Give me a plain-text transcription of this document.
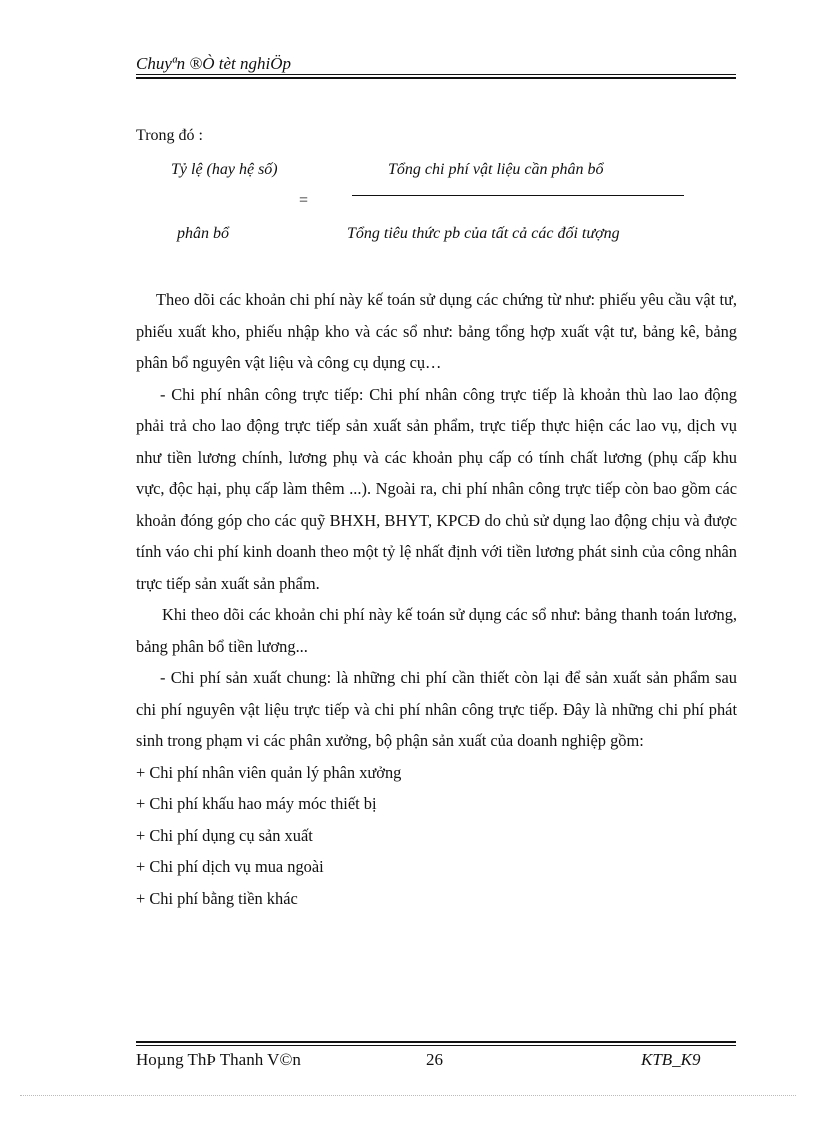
Chuyªn ®Ò tèt nghiÖp
Trong đó :
Tỷ lệ (hay hệ số)	Tổng chi phí vật liệu cần phân bổ
=
phân bổ	Tổng tiêu thức pb của tất cả các đối tượng

Theo dõi các khoản chi phí này kế toán sử dụng các chứng từ như: phiếu yêu cầu vật tư, phiếu xuất kho, phiếu nhập kho và các sổ như: bảng tổng hợp xuất vật tư, bảng kê, bảng phân bổ nguyên vật liệu và công cụ dụng cụ…

- Chi phí nhân công trực tiếp: Chi phí nhân công trực tiếp là khoản thù lao lao động phải trả cho lao động trực tiếp sản xuất sản phẩm, trực tiếp thực hiện các lao vụ, dịch vụ như tiền lương chính, lương phụ và các khoản phụ cấp có tính chất lương (phụ cấp khu vực, độc hại, phụ cấp làm thêm ...). Ngoài ra, chi phí nhân công trực tiếp còn bao gồm các khoản đóng góp cho các quỹ BHXH, BHYT, KPCĐ do chủ sử dụng lao động chịu và được tính váo chi phí kinh doanh theo một tỷ lệ nhất định với tiền lương phát sinh của công nhân trực tiếp sản xuất sản phẩm.

Khi theo dõi các khoản chi phí này kế toán sử dụng các sổ như: bảng thanh toán lương, bảng phân bổ tiền lương...

- Chi phí sản xuất chung: là những chi phí cần thiết còn lại để sản xuất sản phẩm sau chi phí nguyên vật liệu trực tiếp và chi phí nhân công trực tiếp. Đây là những chi phí phát sinh trong phạm vi các phân xưởng, bộ phận sản xuất của doanh nghiệp gồm:

+ Chi phí nhân viên quản lý phân xưởng

+ Chi phí khấu hao máy móc thiết bị

+ Chi phí dụng cụ sản xuất

+ Chi phí dịch vụ mua ngoài

+ Chi phí bằng tiền khác

Hoµng ThÞ Thanh V©n	26	KTB_K9
